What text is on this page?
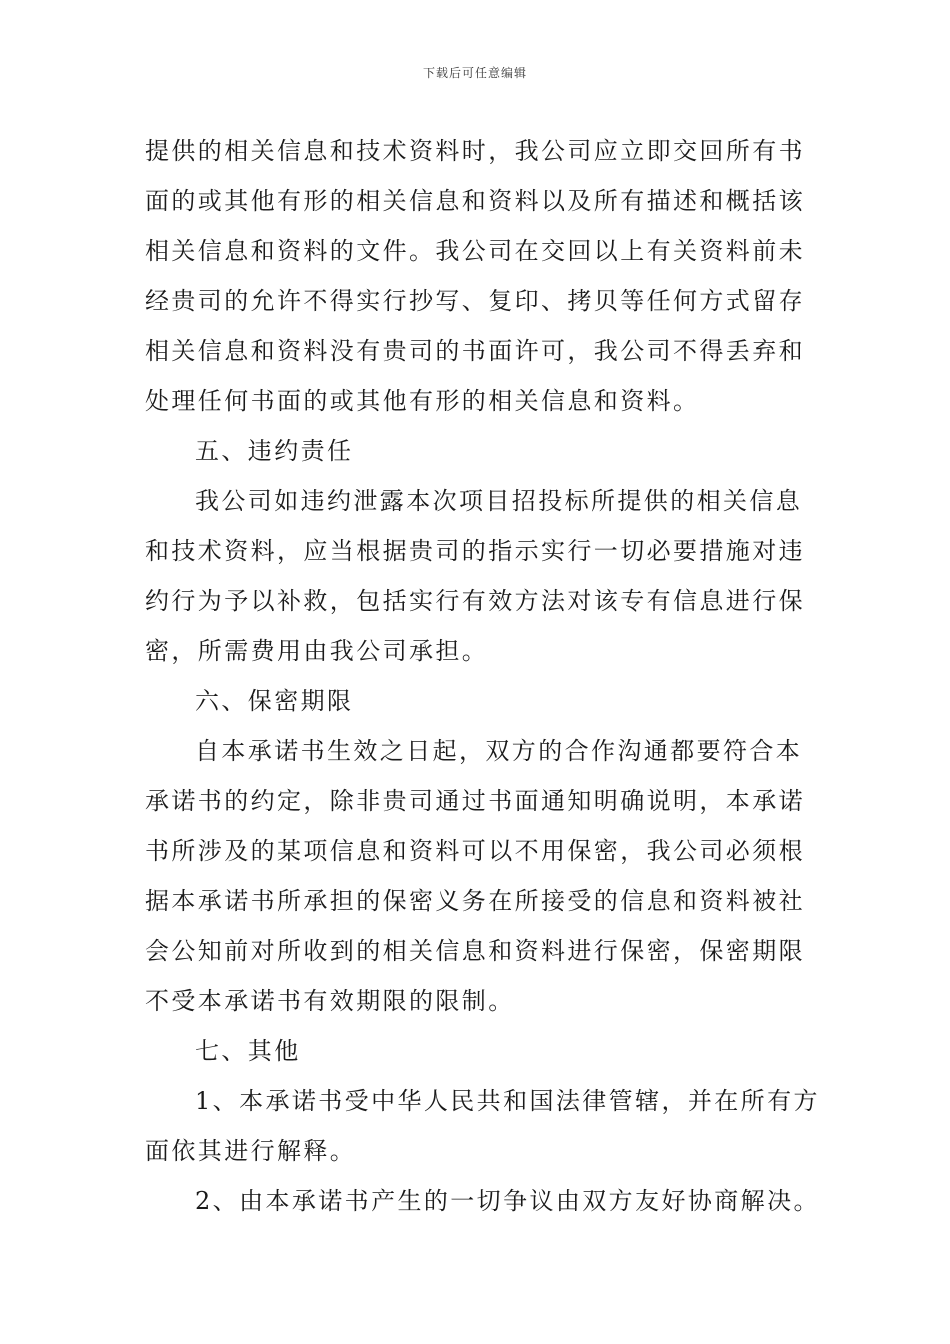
下载后可任意编辑
提供的相关信息和技术资料时，我公司应立即交回所有书
面的或其他有形的相关信息和资料以及所有描述和概括该
相关信息和资料的文件。我公司在交回以上有关资料前未
经贵司的允许不得实行抄写、复印、拷贝等任何方式留存
相关信息和资料没有贵司的书面许可，我公司不得丢弃和
处理任何书面的或其他有形的相关信息和资料。
五、违约责任
我公司如违约泄露本次项目招投标所提供的相关信息
和技术资料，应当根据贵司的指示实行一切必要措施对违
约行为予以补救，包括实行有效方法对该专有信息进行保
密，所需费用由我公司承担。
六、保密期限
自本承诺书生效之日起，双方的合作沟通都要符合本
承诺书的约定，除非贵司通过书面通知明确说明，本承诺
书所涉及的某项信息和资料可以不用保密，我公司必须根
据本承诺书所承担的保密义务在所接受的信息和资料被社
会公知前对所收到的相关信息和资料进行保密，保密期限
不受本承诺书有效期限的限制。
七、其他
1、本承诺书受中华人民共和国法律管辖，并在所有方
面依其进行解释。
2、由本承诺书产生的一切争议由双方友好协商解决。
